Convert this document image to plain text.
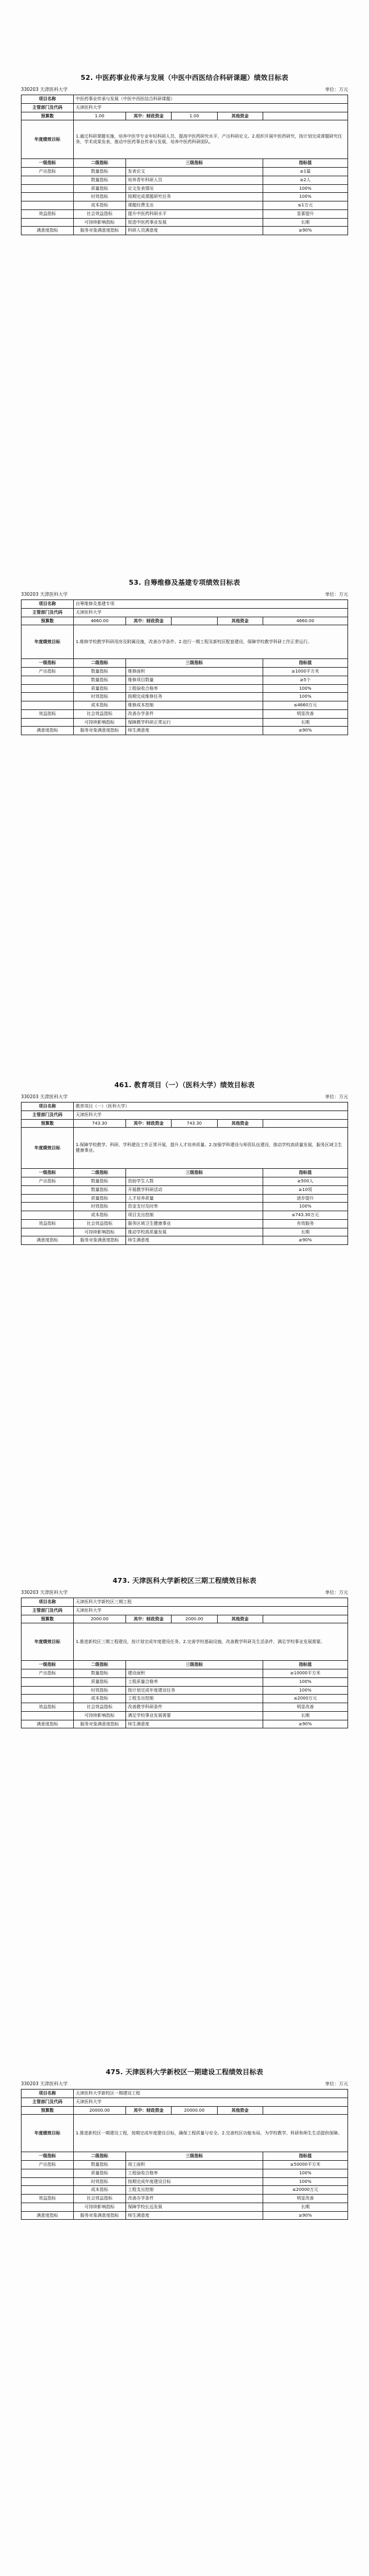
52. 中医药事业传承与发展（中医中西医结合科研课题）绩效目标表
330203 天津医科大学	单位：万元
项目名称	中医药事业传承与发展（中医中西医结合科研课题）				
主管部门及代码	天津医科大学				
预算数	1.00	其中：财政资金	1.00	其他资金	
年度绩效目标	1.通过科研课题实施，培养中医学专业年轻科研人员，提高中医药研究水平，产出科研论文。2.组织开展中医药研究，按计划完成课题研究任务，学术成果发表，推动中医药事业传承与发展，培养中医药科研团队。				
一级指标	二级指标	三级指标			指标值
产出指标	数量指标	发表论文			≥1篇
	数量指标	培养青年科研人员			≥2人
	质量指标	论文发表情况			100%
	时效指标	按期完成课题研究任务			100%
	成本指标	课题经费支出			≤1万元
效益指标	社会效益指标	提升中医药科研水平			显著提升
	可持续影响指标	促进中医药事业发展			长期
满意度指标	服务对象满意度指标	科研人员满意度			≥90%
53. 自筹维修及基建专项绩效目标表
330203 天津医科大学	单位：万元
项目名称	自筹维修及基建专项				
主管部门及代码	天津医科大学				
预算数	4660.00	其中：财政资金		其他资金	4660.00
年度绩效目标	1.维修学校教学科研用房及附属设施，改善办学条件。2.进行一期工程及新校区配套建设，保障学校教学科研工作正常运行。				
一级指标	二级指标	三级指标			指标值
产出指标	数量指标	维修面积			≥1000平方米
	数量指标	维修项目数量			≥5个
	质量指标	工程验收合格率			100%
	时效指标	按期完成维修任务			100%
	成本指标	维修成本控制			≤4660万元
效益指标	社会效益指标	改善办学条件			明显改善
	可持续影响指标	保障教学科研正常运行			长期
满意度指标	服务对象满意度指标	师生满意度			≥90%
461. 教育项目（一）（医科大学）绩效目标表
330203 天津医科大学	单位：万元
项目名称	教育项目（一）（医科大学）				
主管部门及代码	天津医科大学				
预算数	743.30	其中：财政资金	743.30	其他资金	
年度绩效目标	1.保障学校教学、科研、学科建设工作正常开展，提升人才培养质量。2.加强学科建设与师资队伍建设，推动学校高质量发展，服务区域卫生健康事业。				
一级指标	二级指标	三级指标			指标值
产出指标	数量指标	资助学生人数			≥500人
	数量指标	开展教学科研活动			≥10项
	质量指标	人才培养质量			逐步提升
	时效指标	资金支付及时率			100%
	成本指标	项目支出控制			≤743.30万元
效益指标	社会效益指标	服务区域卫生健康事业			有效服务
	可持续影响指标	推动学校高质量发展			长期
满意度指标	服务对象满意度指标	师生满意度			≥90%
473. 天津医科大学新校区三期工程绩效目标表
330203 天津医科大学	单位：万元
项目名称	天津医科大学新校区三期工程				
主管部门及代码	天津医科大学				
预算数	2000.00	其中：财政资金	2000.00	其他资金	
年度绩效目标	1.推进新校区三期工程建设，按计划完成年度建设任务。2.完善学校基础设施，改善教学科研及生活条件，满足学校事业发展需要。				
一级指标	二级指标	三级指标			指标值
产出指标	数量指标	建设面积			≥10000平方米
	质量指标	工程质量合格率			100%
	时效指标	按计划完成年度建设任务			100%
	成本指标	工程支出控制			≤2000万元
效益指标	社会效益指标	改善教学科研条件			明显改善
	可持续影响指标	满足学校事业发展需要			长期
满意度指标	服务对象满意度指标	师生满意度			≥90%
475. 天津医科大学新校区一期建设工程绩效目标表
330203 天津医科大学	单位：万元
项目名称	天津医科大学新校区一期建设工程				
主管部门及代码	天津医科大学				
预算数	20000.00	其中：财政资金	20000.00	其他资金	
年度绩效目标	1.推进新校区一期建设工程，按期完成年度建设目标，确保工程质量与安全。2.完善校区功能布局，为学校教学、科研和师生生活提供保障。				
一级指标	二级指标	三级指标			指标值
产出指标	数量指标	竣工面积			≥50000平方米
	质量指标	工程验收合格率			100%
	时效指标	按期完成年度建设目标			100%
	成本指标	工程支出控制			≤20000万元
效益指标	社会效益指标	改善办学条件			明显改善
	可持续影响指标	保障学校长远发展			长期
满意度指标	服务对象满意度指标	师生满意度			≥90%
